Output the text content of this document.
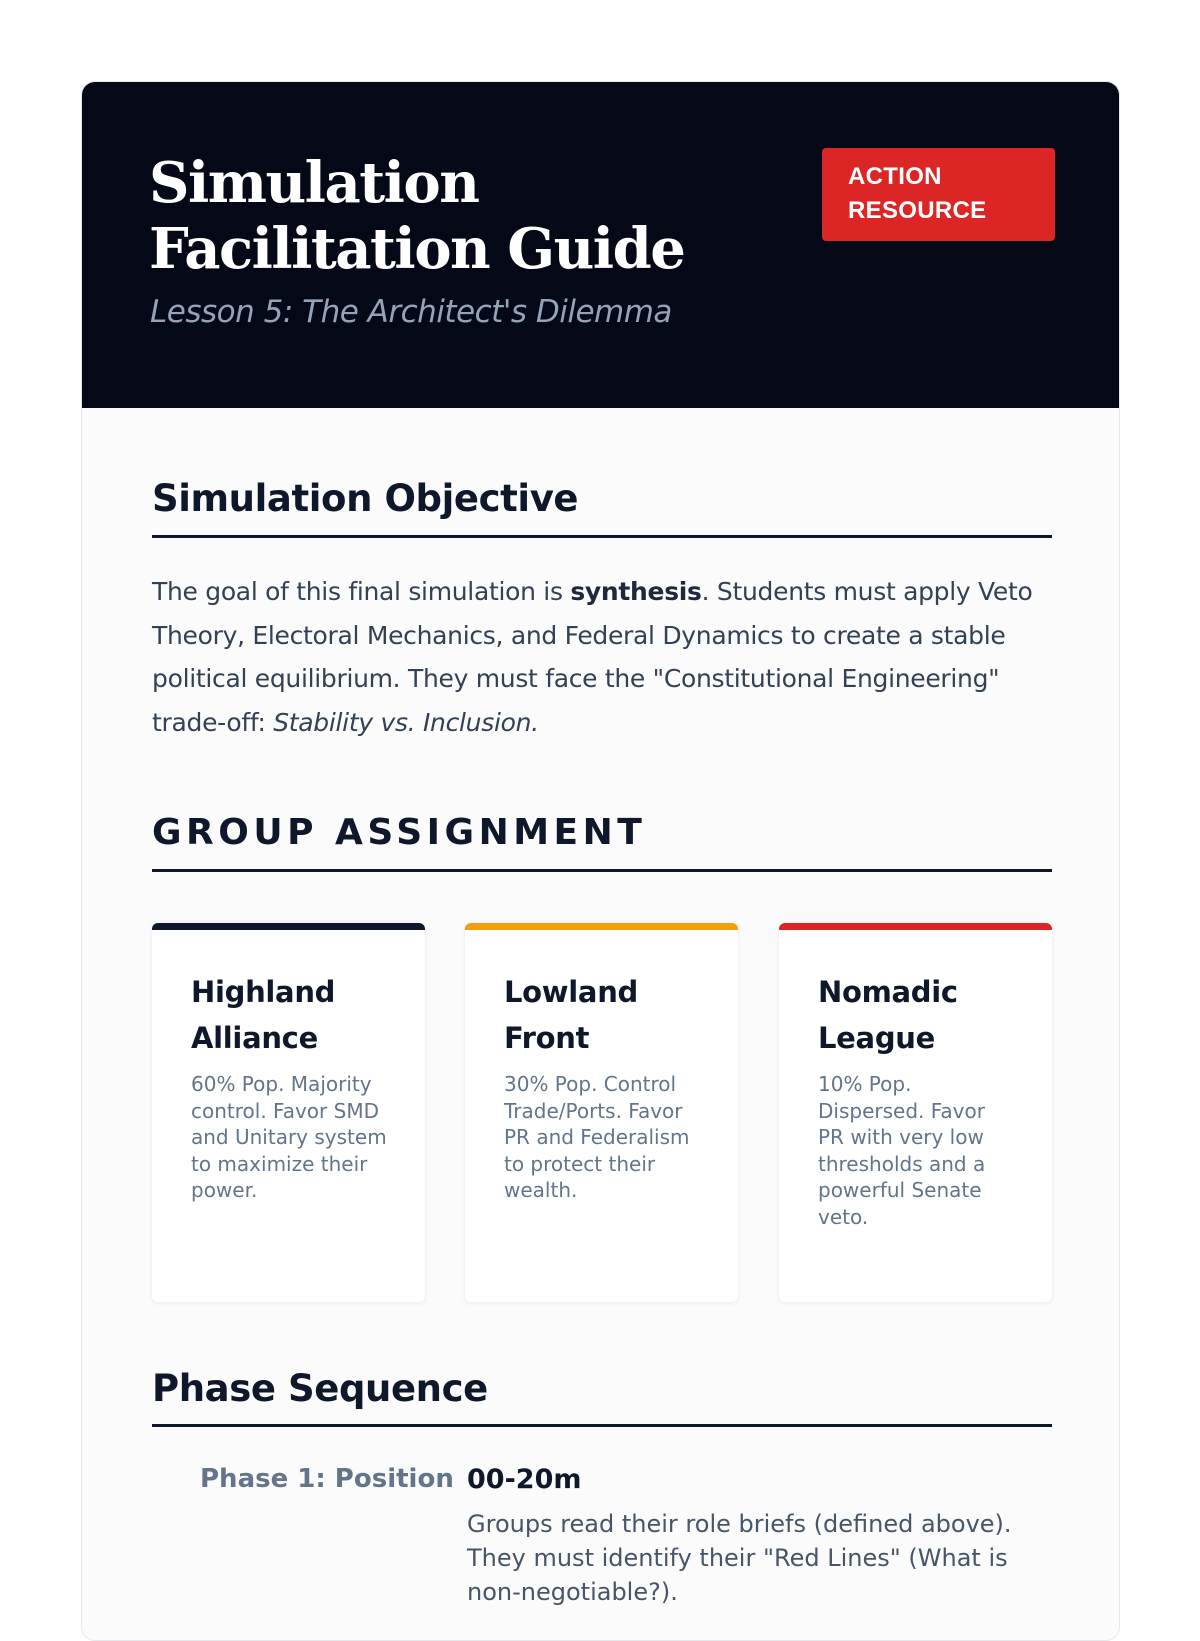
Simulation Facilitation Guide
ACTION RESOURCE

Lesson 5: The Architect's Dilemma

Simulation Objective

The goal of this final simulation is synthesis. Students must apply Veto Theory, Electoral Mechanics, and Federal Dynamics to create a stable political equilibrium. They must face the "Constitutional Engineering" trade-off: Stability vs. Inclusion.

GROUP ASSIGNMENT
Highland Alliance

60% Pop. Majority control. Favor SMD and Unitary system to maximize their power.

Lowland Front

30% Pop. Control Trade/Ports. Favor PR and Federalism to protect their wealth.

Nomadic League

10% Pop. Dispersed. Favor PR with very low thresholds and a powerful Senate veto.

Phase Sequence

Phase 1: Position 00-20m

Groups read their role briefs (defined above). They must identify their "Red Lines" (What is non-negotiable?).
